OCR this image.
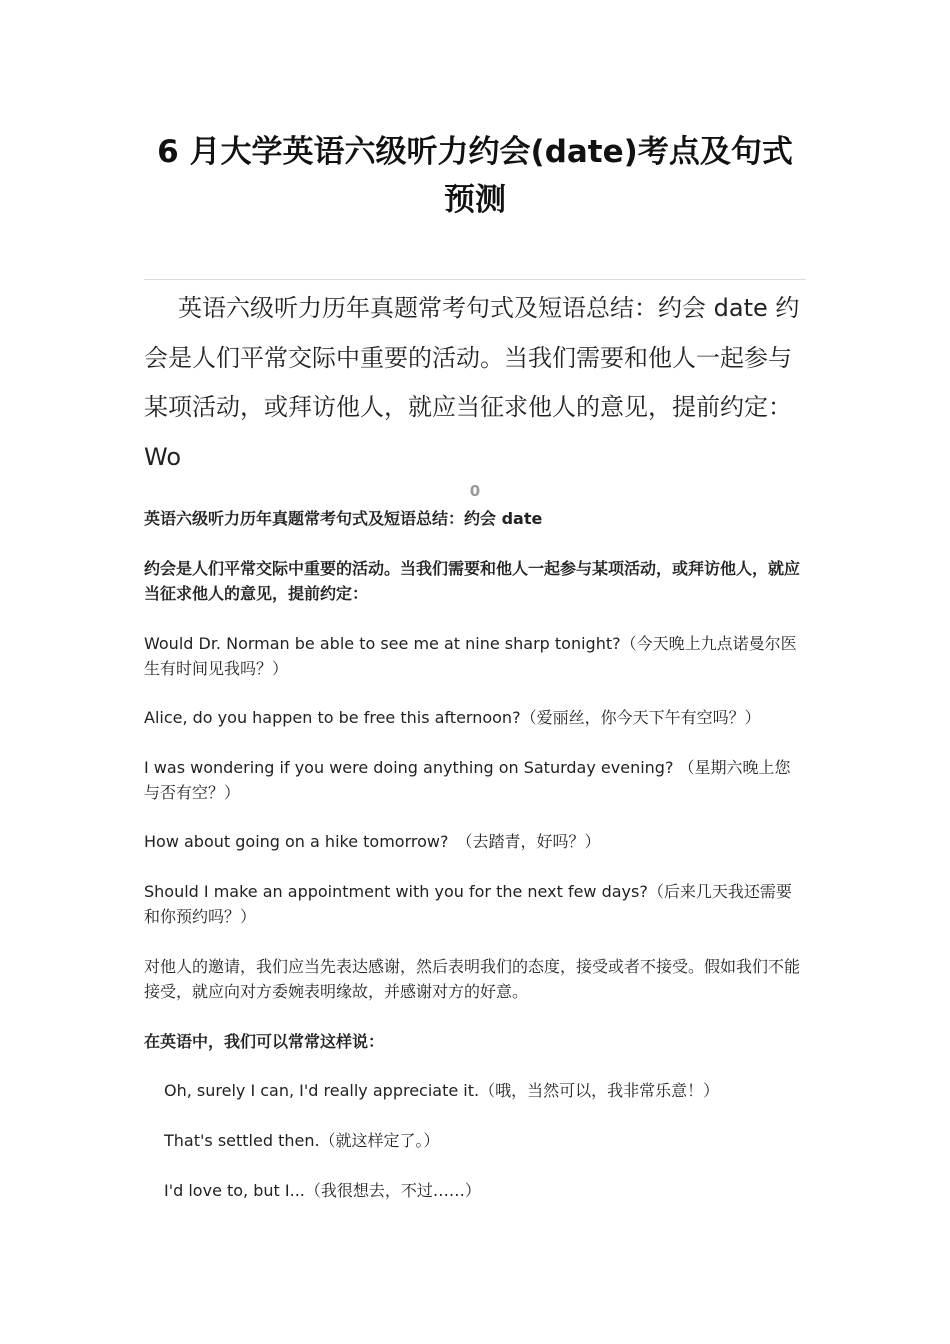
6 月大学英语六级听力约会(date)考点及句式预测

英语六级听力历年真题常考句式及短语总结：约会 date 约会是人们平常交际中重要的活动。当我们需要和他人一起参与某项活动，或拜访他人，就应当征求他人的意见，提前约定：Wo

0

英语六级听力历年真题常考句式及短语总结：约会 date

约会是人们平常交际中重要的活动。当我们需要和他人一起参与某项活动，或拜访他人，就应当征求他人的意见，提前约定：

Would Dr. Norman be able to see me at nine sharp tonight?（今天晚上九点诺曼尔医生有时间见我吗？）

Alice, do you happen to be free this afternoon?（爱丽丝，你今天下午有空吗？）

I was wondering if you were doing anything on Saturday evening? （星期六晚上您与否有空？）

How about going on a hike tomorrow?　（去踏青，好吗？）

Should I make an appointment with you for the next few days?（后来几天我还需要和你预约吗？）

对他人的邀请，我们应当先表达感谢，然后表明我们的态度，接受或者不接受。假如我们不能接受，就应向对方委婉表明缘故，并感谢对方的好意。

在英语中，我们可以常常这样说：

Oh, surely I can, I'd really appreciate it.（哦，当然可以，我非常乐意！）

That's settled then.（就这样定了。）

I'd love to, but I...（我很想去，不过……）
